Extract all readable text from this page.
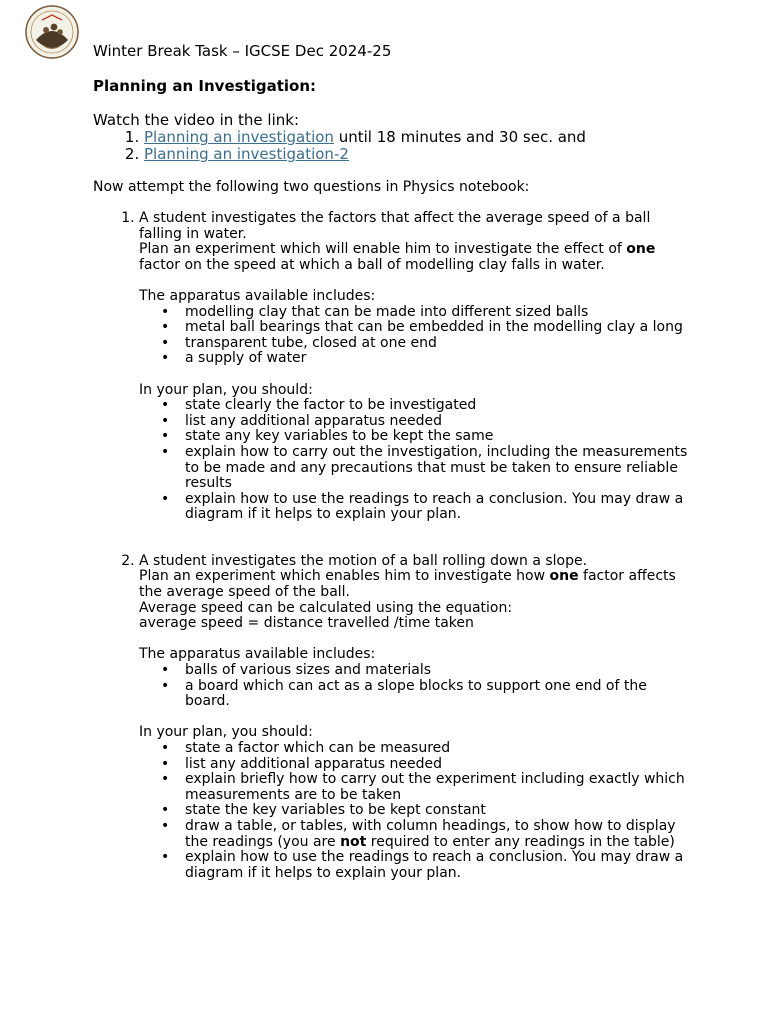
Winter Break Task – IGCSE Dec 2024-25
Planning an Investigation:
Watch the video in the link:
1. Planning an investigation until 18 minutes and 30 sec. and
2. Planning an investigation-2
Now attempt the following two questions in Physics notebook:
1. A student investigates the factors that affect the average speed of a ball falling in water.
Plan an experiment which will enable him to investigate the effect of one factor on the speed at which a ball of modelling clay falls in water.
The apparatus available includes:
• modelling clay that can be made into different sized balls
• metal ball bearings that can be embedded in the modelling clay a long
• transparent tube, closed at one end
• a supply of water
In your plan, you should:
• state clearly the factor to be investigated
• list any additional apparatus needed
• state any key variables to be kept the same
• explain how to carry out the investigation, including the measurements to be made and any precautions that must be taken to ensure reliable results
• explain how to use the readings to reach a conclusion. You may draw a diagram if it helps to explain your plan.
2. A student investigates the motion of a ball rolling down a slope.
Plan an experiment which enables him to investigate how one factor affects the average speed of the ball.
Average speed can be calculated using the equation:
average speed = distance travelled /time taken
The apparatus available includes:
• balls of various sizes and materials
• a board which can act as a slope blocks to support one end of the board.
In your plan, you should:
• state a factor which can be measured
• list any additional apparatus needed
• explain briefly how to carry out the experiment including exactly which measurements are to be taken
• state the key variables to be kept constant
• draw a table, or tables, with column headings, to show how to display the readings (you are not required to enter any readings in the table)
• explain how to use the readings to reach a conclusion. You may draw a diagram if it helps to explain your plan.
